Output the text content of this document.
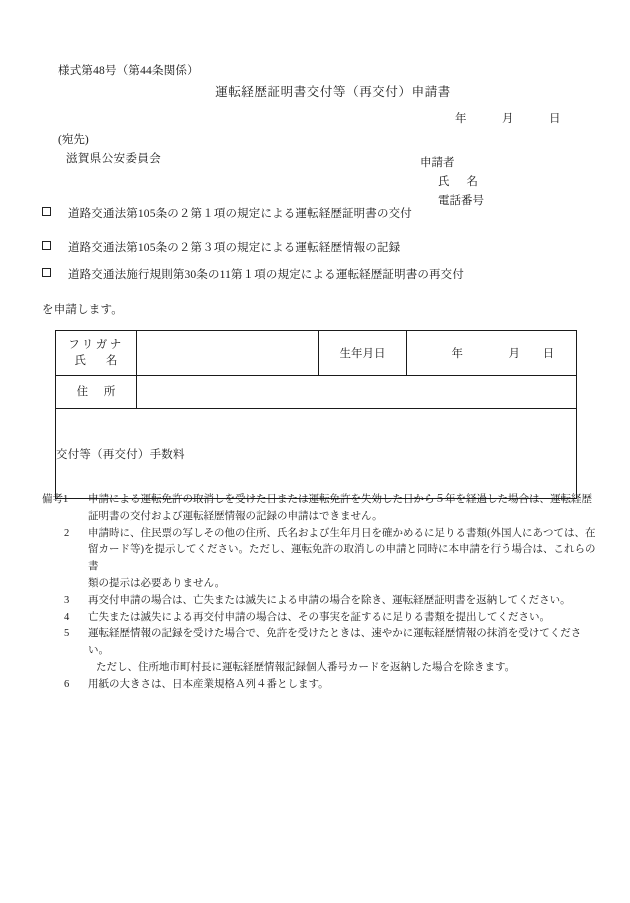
様式第48号（第44条関係）
運転経歴証明書交付等（再交付）申請書
年	月	日
(宛先)
滋賀県公安委員会	申請者
氏 名
電話番号
道路交通法第105条の２第１項の規定による運転経歴証明書の交付
道路交通法第105条の２第３項の規定による運転経歴情報の記録
道路交通法施行規則第30条の11第１項の規定による運転経歴証明書の再交付
を申請します。
フリガナ
氏 名		生年月日	年 月 日
住 所			
交付等（再交付）手数料			
備考1	申請による運転免許の取消しを受けた日または運転免許を失効した日から５年を経過した場合は、運転経歴

証明書の交付および運転経歴情報の記録の申請はできません。

2	申請時に、住民票の写しその他の住所、氏名および生年月日を確かめるに足りる書類(外国人にあつては、在

留カード等)を提示してください。ただし、運転免許の取消しの申請と同時に本申請を行う場合は、これらの書

類の提示は必要ありません。

3	再交付申請の場合は、亡失または滅失による申請の場合を除き、運転経歴証明書を返納してください。

4	亡失または滅失による再交付申請の場合は、その事実を証するに足りる書類を提出してください。

5	運転経歴情報の記録を受けた場合で、免許を受けたときは、速やかに運転経歴情報の抹消を受けてください。

ただし、住所地市町村長に運転経歴情報記録個人番号カードを返納した場合を除きます。

6	用紙の大きさは、日本産業規格Ａ列４番とします。
